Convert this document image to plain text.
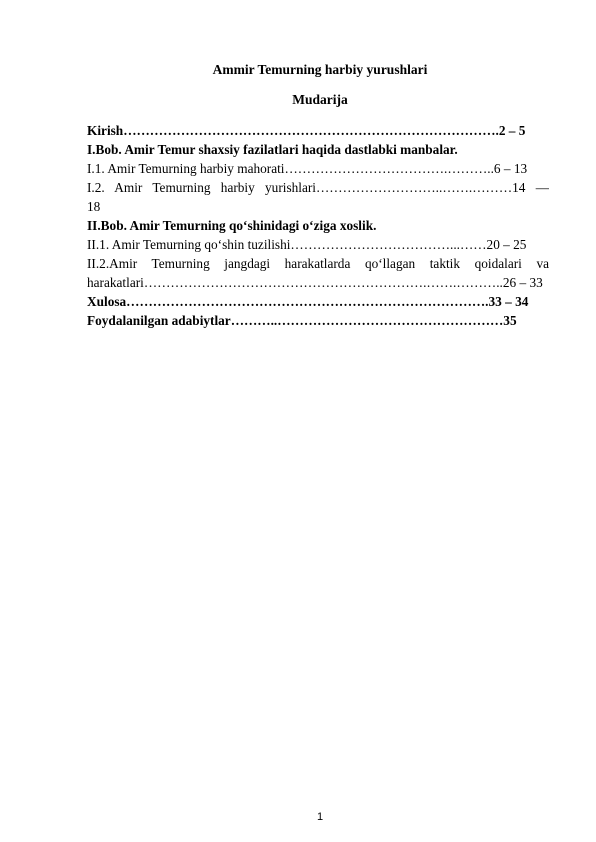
Ammir Temurning harbiy yurushlari
Mudarija
Kirish………………………………………………………………………….2 – 5
I.Bob. Amir Temur shaxsiy fazilatlari haqida dastlabki manbalar.
I.1. Amir Temurning harbiy mahorati……………………………….………..6 – 13
I.2. Amir Temurning harbiy yurishlari………………………..…….………14 —
18
II.Bob. Amir Temurning qo‘shinidagi o‘ziga xoslik.
II.1. Amir Temurning qo‘shin tuzilishi………………………………...……20 – 25
II.2.Amir Temurning jangdagi harakatlarda qo‘llagan taktik qoidalari va
harakatlari……………………………………………………….…….………..26 – 33
Xulosa……………………………………………………………………….33 – 34
Foydalanilgan adabiytlar………..……………………………………………35
1
